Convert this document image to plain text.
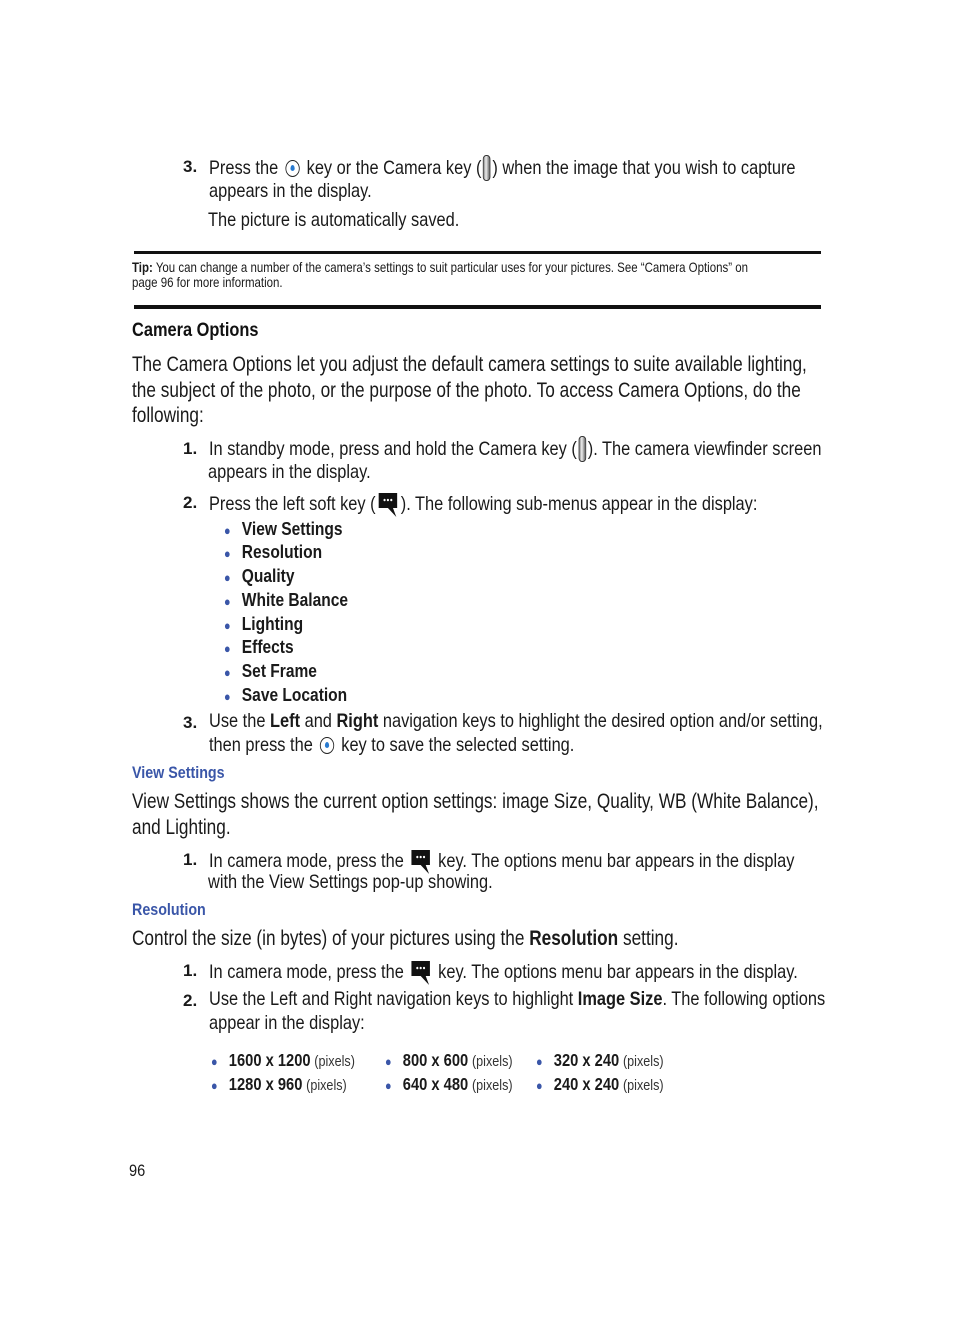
3. Press the key or the Camera key ( ) when the image that you wish to capture
appears in the display.
The picture is automatically saved.
Tip: You can change a number of the camera’s settings to suit particular uses for your pictures. See “Camera Options” on
page 96 for more information.
Camera Options
The Camera Options let you adjust the default camera settings to suite available lighting,
the subject of the photo, or the purpose of the photo. To access Camera Options, do the
following:
1. In standby mode, press and hold the Camera key ( ). The camera viewfinder screen
appears in the display.
2. Press the left soft key ( ). The following sub-menus appear in the display:
● View Settings
● Resolution
● Quality
● White Balance
● Lighting
● Effects
● Set Frame
● Save Location
3. Use the Left and Right navigation keys to highlight the desired option and/or setting,
then press the key to save the selected setting.
View Settings
View Settings shows the current option settings: image Size, Quality, WB (White Balance),
and Lighting.
1. In camera mode, press the key. The options menu bar appears in the display
with the View Settings pop-up showing.
Resolution
Control the size (in bytes) of your pictures using the Resolution setting.
1. In camera mode, press the key. The options menu bar appears in the display.
2. Use the Left and Right navigation keys to highlight Image Size. The following options
appear in the display:
● 1600 x 1200 (pixels)
● 1280 x 960 (pixels)
● 800 x 600 (pixels)
● 640 x 480 (pixels)
● 320 x 240 (pixels)
● 240 x 240 (pixels)
96
